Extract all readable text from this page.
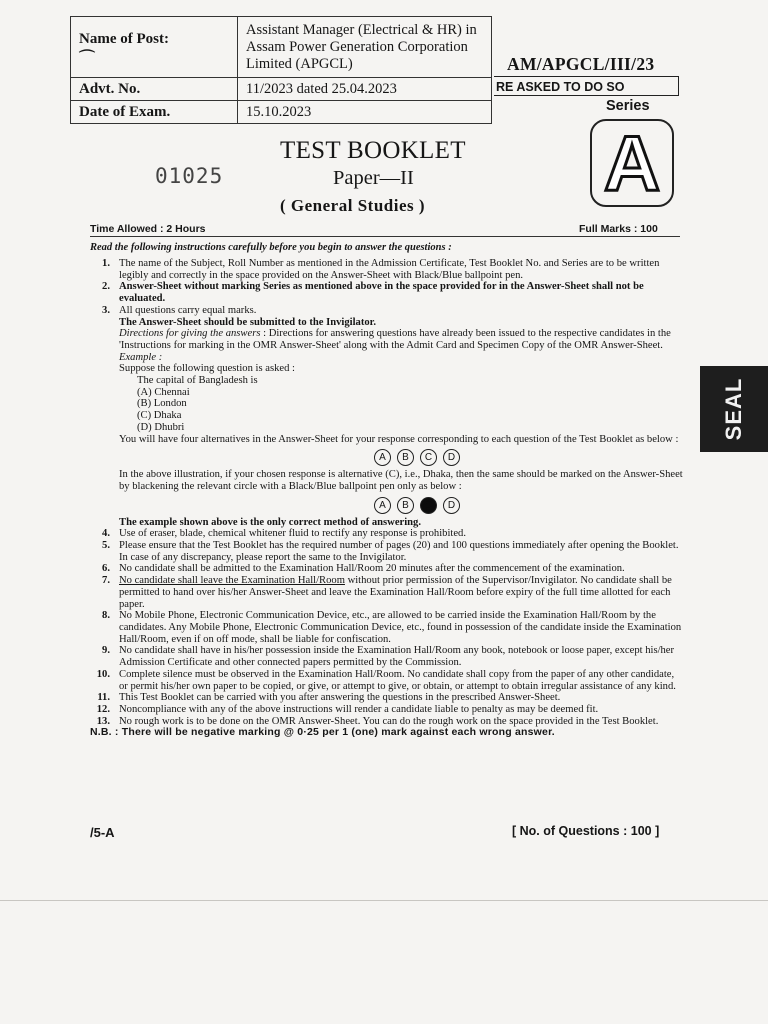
Name of Post:
⌒	Assistant Manager (Electrical & HR) in Assam Power Generation Corporation Limited (APGCL)
Advt. No.	11/2023 dated 25.04.2023
Date of Exam.	15.10.2023
AM/APGCL/III/23
RE ASKED TO DO SO
Series
A
01025
TEST BOOKLET
Paper—II
( General Studies )
Time Allowed : 2 Hours	Full Marks : 100
Read the following instructions carefully before you begin to answer the questions :
1. The name of the Subject, Roll Number as mentioned in the Admission Certificate, Test Booklet No. and Series are to be written legibly and correctly in the space provided on the Answer-Sheet with Black/Blue ballpoint pen.
2. Answer-Sheet without marking Series as mentioned above in the space provided for in the Answer-Sheet shall not be evaluated.
3. All questions carry equal marks.
The Answer-Sheet should be submitted to the Invigilator.
Directions for giving the answers : Directions for answering questions have already been issued to the respective candidates in the 'Instructions for marking in the OMR Answer-Sheet' along with the Admit Card and Specimen Copy of the OMR Answer-Sheet.
Example :
Suppose the following question is asked :
The capital of Bangladesh is
(A) Chennai
(B) London
(C) Dhaka
(D) Dhubri
You will have four alternatives in the Answer-Sheet for your response corresponding to each question of the Test Booklet as below :
A	B	C	D
In the above illustration, if your chosen response is alternative (C), i.e., Dhaka, then the same should be marked on the Answer-Sheet by blackening the relevant circle with a Black/Blue ballpoint pen only as below :
A	B	C	D
The example shown above is the only correct method of answering.
4. Use of eraser, blade, chemical whitener fluid to rectify any response is prohibited.
5. Please ensure that the Test Booklet has the required number of pages (20) and 100 questions immediately after opening the Booklet. In case of any discrepancy, please report the same to the Invigilator.
6. No candidate shall be admitted to the Examination Hall/Room 20 minutes after the commencement of the examination.
7. No candidate shall leave the Examination Hall/Room without prior permission of the Supervisor/Invigilator. No candidate shall be permitted to hand over his/her Answer-Sheet and leave the Examination Hall/Room before expiry of the full time allotted for each paper.
8. No Mobile Phone, Electronic Communication Device, etc., are allowed to be carried inside the Examination Hall/Room by the candidates. Any Mobile Phone, Electronic Communication Device, etc., found in possession of the candidate inside the Examination Hall/Room, even if on off mode, shall be liable for confiscation.
9. No candidate shall have in his/her possession inside the Examination Hall/Room any book, notebook or loose paper, except his/her Admission Certificate and other connected papers permitted by the Commission.
10. Complete silence must be observed in the Examination Hall/Room. No candidate shall copy from the paper of any other candidate, or permit his/her own paper to be copied, or give, or attempt to give, or obtain, or attempt to obtain irregular assistance of any kind.
11. This Test Booklet can be carried with you after answering the questions in the prescribed Answer-Sheet.
12. Noncompliance with any of the above instructions will render a candidate liable to penalty as may be deemed fit.
13. No rough work is to be done on the OMR Answer-Sheet. You can do the rough work on the space provided in the Test Booklet.
N.B. : There will be negative marking @ 0·25 per 1 (one) mark against each wrong answer.
/5-A	[ No. of Questions : 100 ]
SEAL
